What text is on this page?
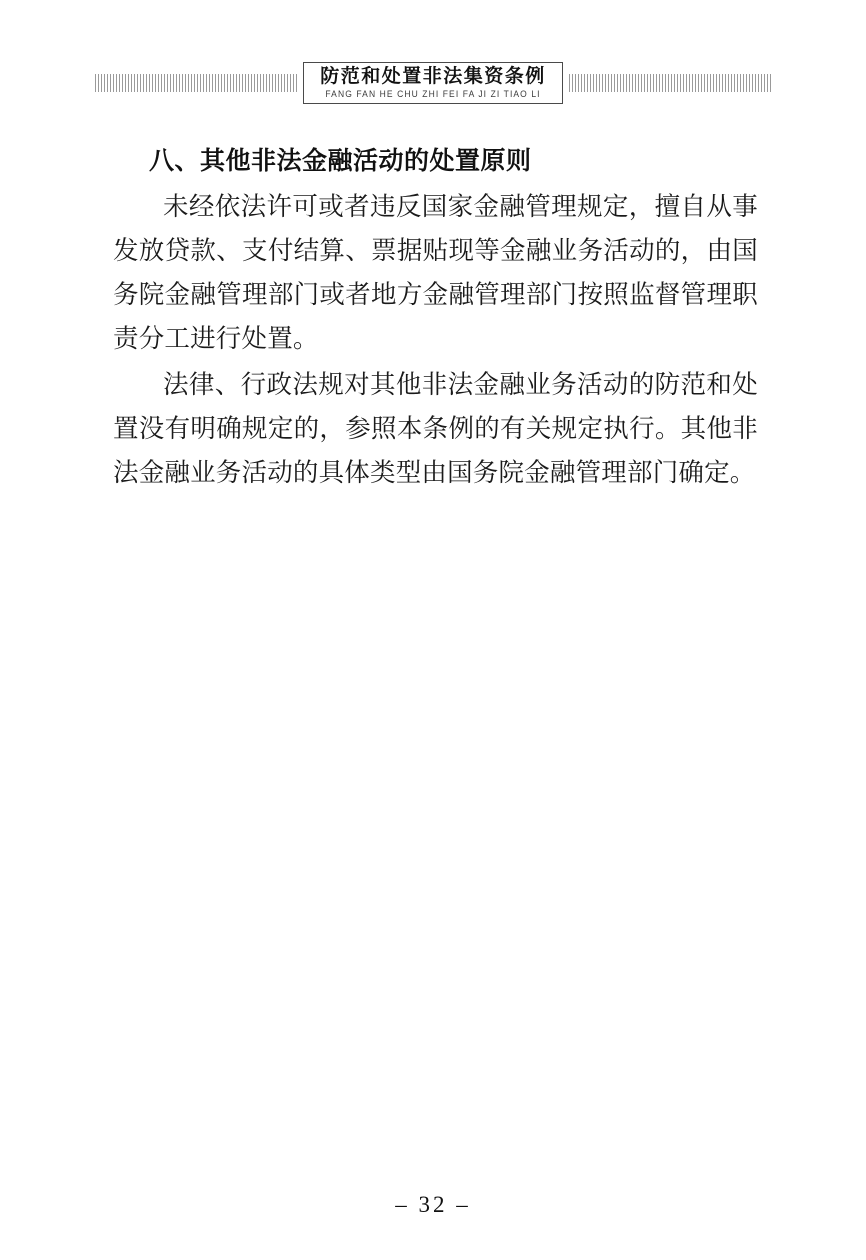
防范和处置非法集资条例
FANG FAN HE CHU ZHI FEI FA JI ZI TIAO LI
八、其他非法金融活动的处置原则

未经依法许可或者违反国家金融管理规定，擅自从事发放贷款、支付结算、票据贴现等金融业务活动的，由国务院金融管理部门或者地方金融管理部门按照监督管理职责分工进行处置。

法律、行政法规对其他非法金融业务活动的防范和处置没有明确规定的，参照本条例的有关规定执行。其他非法金融业务活动的具体类型由国务院金融管理部门确定。

– 32 –
